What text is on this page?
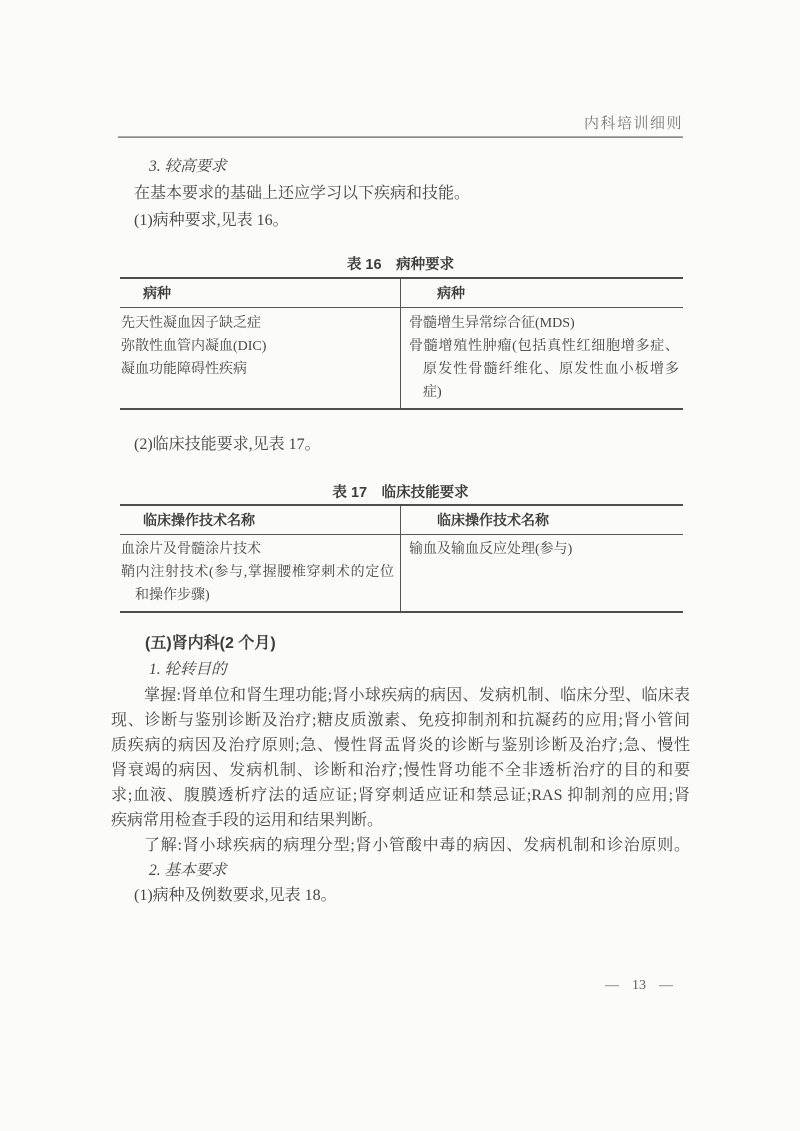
内科培训细则
3. 较高要求
在基本要求的基础上还应学习以下疾病和技能。
(1)病种要求,见表 16。
表 16　病种要求
病种
先天性凝血因子缺乏症
弥散性血管内凝血(DIC)
凝血功能障碍性疾病
病种
骨髓增生异常综合征(MDS)
骨髓增殖性肿瘤(包括真性红细胞增多症、原发性骨髓纤维化、原发性血小板增多症)
(2)临床技能要求,见表 17。
表 17　临床技能要求
临床操作技术名称
血涂片及骨髓涂片技术
鞘内注射技术(参与,掌握腰椎穿刺术的定位和操作步骤)
临床操作技术名称
输血及输血反应处理(参与)
(五)肾内科(2 个月)
1. 轮转目的
掌握:肾单位和肾生理功能;肾小球疾病的病因、发病机制、临床分型、临床表
现、诊断与鉴别诊断及治疗;糖皮质激素、免疫抑制剂和抗凝药的应用;肾小管间
质疾病的病因及治疗原则;急、慢性肾盂肾炎的诊断与鉴别诊断及治疗;急、慢性
肾衰竭的病因、发病机制、诊断和治疗;慢性肾功能不全非透析治疗的目的和要
求;血液、腹膜透析疗法的适应证;肾穿刺适应证和禁忌证;RAS 抑制剂的应用;肾
疾病常用检查手段的运用和结果判断。
了解:肾小球疾病的病理分型;肾小管酸中毒的病因、发病机制和诊治原则。
2. 基本要求
(1)病种及例数要求,见表 18。
— 13 —
